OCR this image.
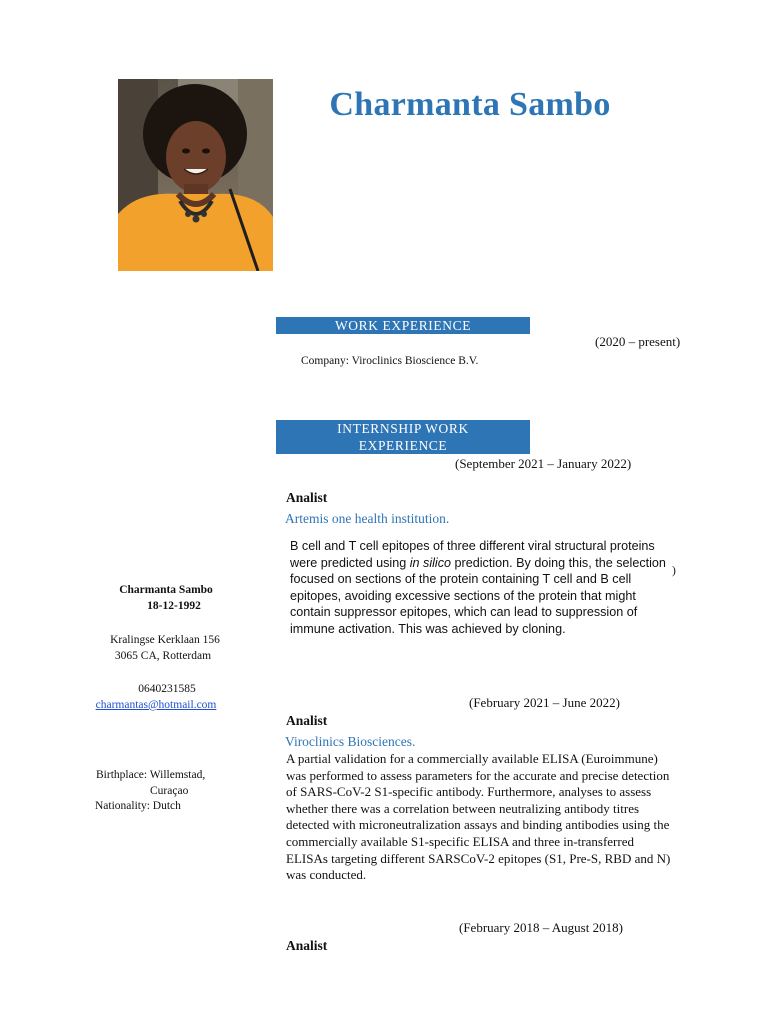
Charmanta Sambo
WORK EXPERIENCE
(2020 – present)
Company: Viroclinics Bioscience B.V.
INTERNSHIP WORK
EXPERIENCE
(September 2021 – January 2022)
Analist
Artemis one health institution.
B cell and T cell epitopes of three different viral structural proteins were predicted using in silico prediction. By doing this, the selection focused on sections of the protein containing T cell and B cell epitopes, avoiding excessive sections of the protein that might contain suppressor epitopes, which can lead to suppression of immune activation. This was achieved by cloning.
)
(February 2021 – June 2022)
Analist
Viroclinics Biosciences.
A partial validation for a commercially available ELISA (Euroimmune) was performed to assess parameters for the accurate and precise detection of SARS-CoV-2 S1-specific antibody. Furthermore, analyses to assess whether there was a correlation between neutralizing antibody titres detected with microneutralization assays and binding antibodies using the commercially available S1-specific ELISA and three in-transferred ELISAs targeting different SARSCoV-2 epitopes (S1, Pre-S, RBD and N) was conducted.
(February 2018 – August 2018)
Analist
Charmanta Sambo
18-12-1992
Kralingse Kerklaan 156
3065 CA, Rotterdam
0640231585
charmantas@hotmail.com
Birthplace: Willemstad,
Curaçao
Nationality: Dutch
